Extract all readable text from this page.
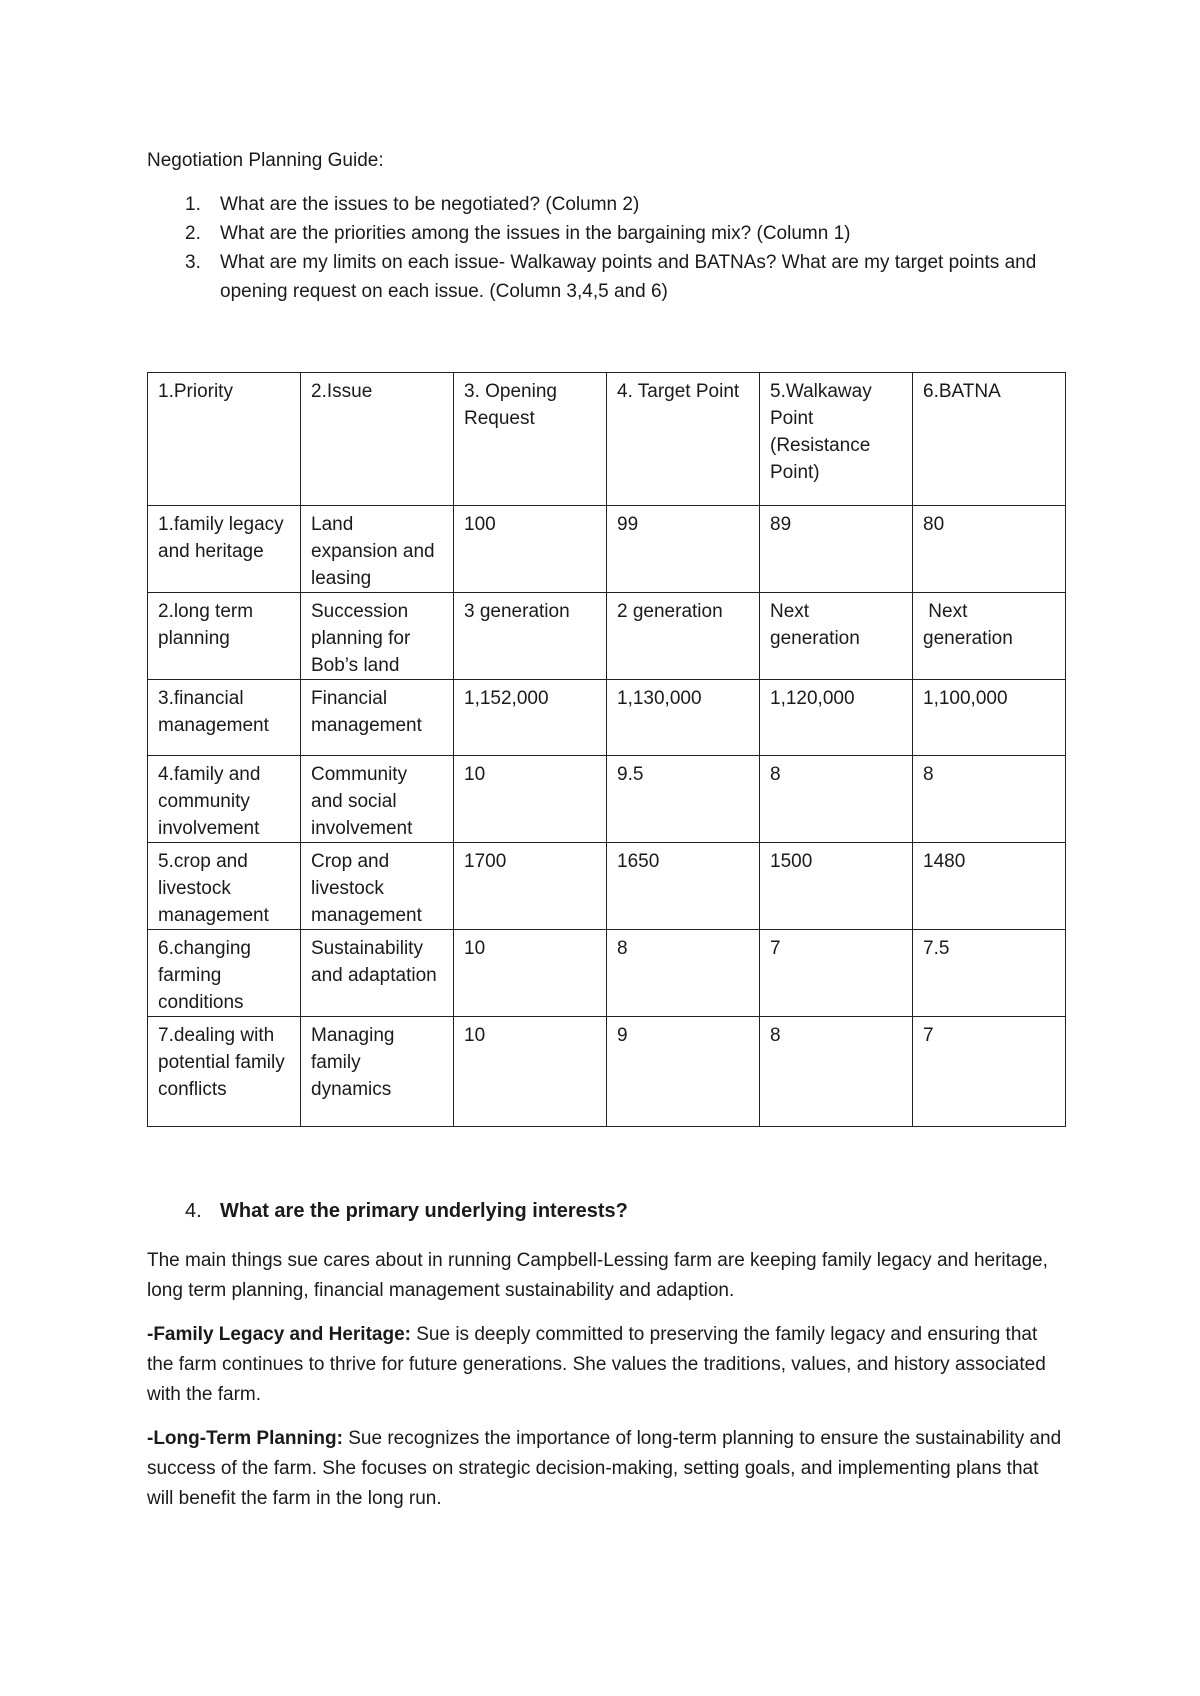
Negotiation Planning Guide:
1. What are the issues to be negotiated? (Column 2)
2. What are the priorities among the issues in the bargaining mix? (Column 1)
3. What are my limits on each issue- Walkaway points and BATNAs? What are my target points and opening request on each issue. (Column 3,4,5 and 6)
1.Priority	2.Issue	3. Opening Request	4. Target Point	5.Walkaway Point (Resistance Point)	6.BATNA
1.family legacy and heritage	Land expansion and leasing	100	99	89	80
2.long term planning	Succession planning for Bob’s land	3 generation	2 generation	Next generation	Next generation
3.financial management	Financial management	1,152,000	1,130,000	1,120,000	1,100,000
4.family and community involvement	Community and social involvement	10	9.5	8	8
5.crop and livestock management	Crop and livestock management	1700	1650	1500	1480
6.changing farming conditions	Sustainability and adaptation	10	8	7	7.5
7.dealing with potential family conflicts	Managing family dynamics	10	9	8	7
4. What are the primary underlying interests?

The main things sue cares about in running Campbell-Lessing farm are keeping family legacy and heritage, long term planning, financial management sustainability and adaption.

-Family Legacy and Heritage: Sue is deeply committed to preserving the family legacy and ensuring that the farm continues to thrive for future generations. She values the traditions, values, and history associated with the farm.

-Long-Term Planning: Sue recognizes the importance of long-term planning to ensure the sustainability and success of the farm. She focuses on strategic decision-making, setting goals, and implementing plans that will benefit the farm in the long run.
